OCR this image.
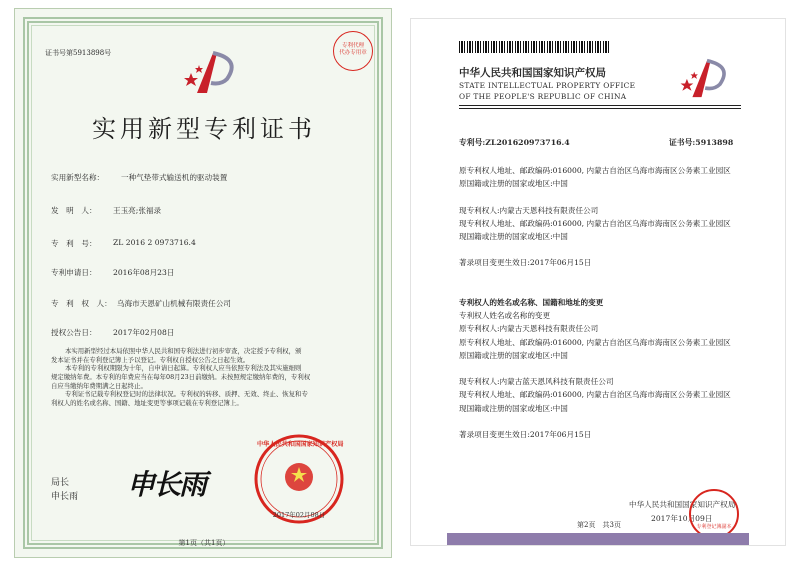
证书号第5913898号
专利代理
代办专用章
实用新型专利证书
实用新型名称： 一种气垫带式输送机的驱动装置
发　明　人： 王玉亮;张福录
专　利　号： ZL 2016 2 0973716.4
专利申请日： 2016年08月23日
专　利　权　人： 乌海市天恩矿山机械有限责任公司
授权公告日： 2017年02月08日
本实用新型经过本局依照中华人民共和国专利法进行初步审查，决定授予专利权，颁
发本证书并在专利登记簿上予以登记。专利权自授权公告之日起生效。
本专利的专利权期限为十年，自申请日起算。专利权人应当依照专利法及其实施细则
规定缴纳年费。本专利的年费应当在每年08月23日前缴纳。未按照规定缴纳年费的，专利权
自应当缴纳年费期满之日起终止。
专利证书记载专利权登记时的法律状况。专利权的转移、质押、无效、终止、恢复和专
利权人的姓名或名称、国籍、地址变更等事项记载在专利登记簿上。
局长
申长雨 申长雨
中华人民共和国国家知识产权局
2017年02月08日
第1页（共1页）
中华人民共和国国家知识产权局
STATE INTELLECTUAL PROPERTY OFFICE
OF THE PEOPLE'S REPUBLIC OF CHINA
专利号:ZL201620973716.4	证书号:5913898
原专利权人地址、邮政编码:016000, 内蒙古自治区乌海市海南区公务素工业园区
原国籍或注册的国家或地区:中国
现专利权人:内蒙古天恩科技有限责任公司
现专利权人地址、邮政编码:016000, 内蒙古自治区乌海市海南区公务素工业园区
现国籍或注册的国家或地区:中国
著录项目变更生效日:2017年06月15日
专利权人的姓名或名称、国籍和地址的变更
专利权人姓名或名称的变更
原专利权人:内蒙古天恩科技有限责任公司
原专利权人地址、邮政编码:016000, 内蒙古自治区乌海市海南区公务素工业园区
原国籍或注册的国家或地区:中国
现专利权人:内蒙古蓝天恩风科技有限责任公司
现专利权人地址、邮政编码:016000, 内蒙古自治区乌海市海南区公务素工业园区
现国籍或注册的国家或地区:中国
著录项目变更生效日:2017年06月15日
中华人民共和国国家知识产权局
2017年10月09日
专利登记簿副本
第2页　共3页
